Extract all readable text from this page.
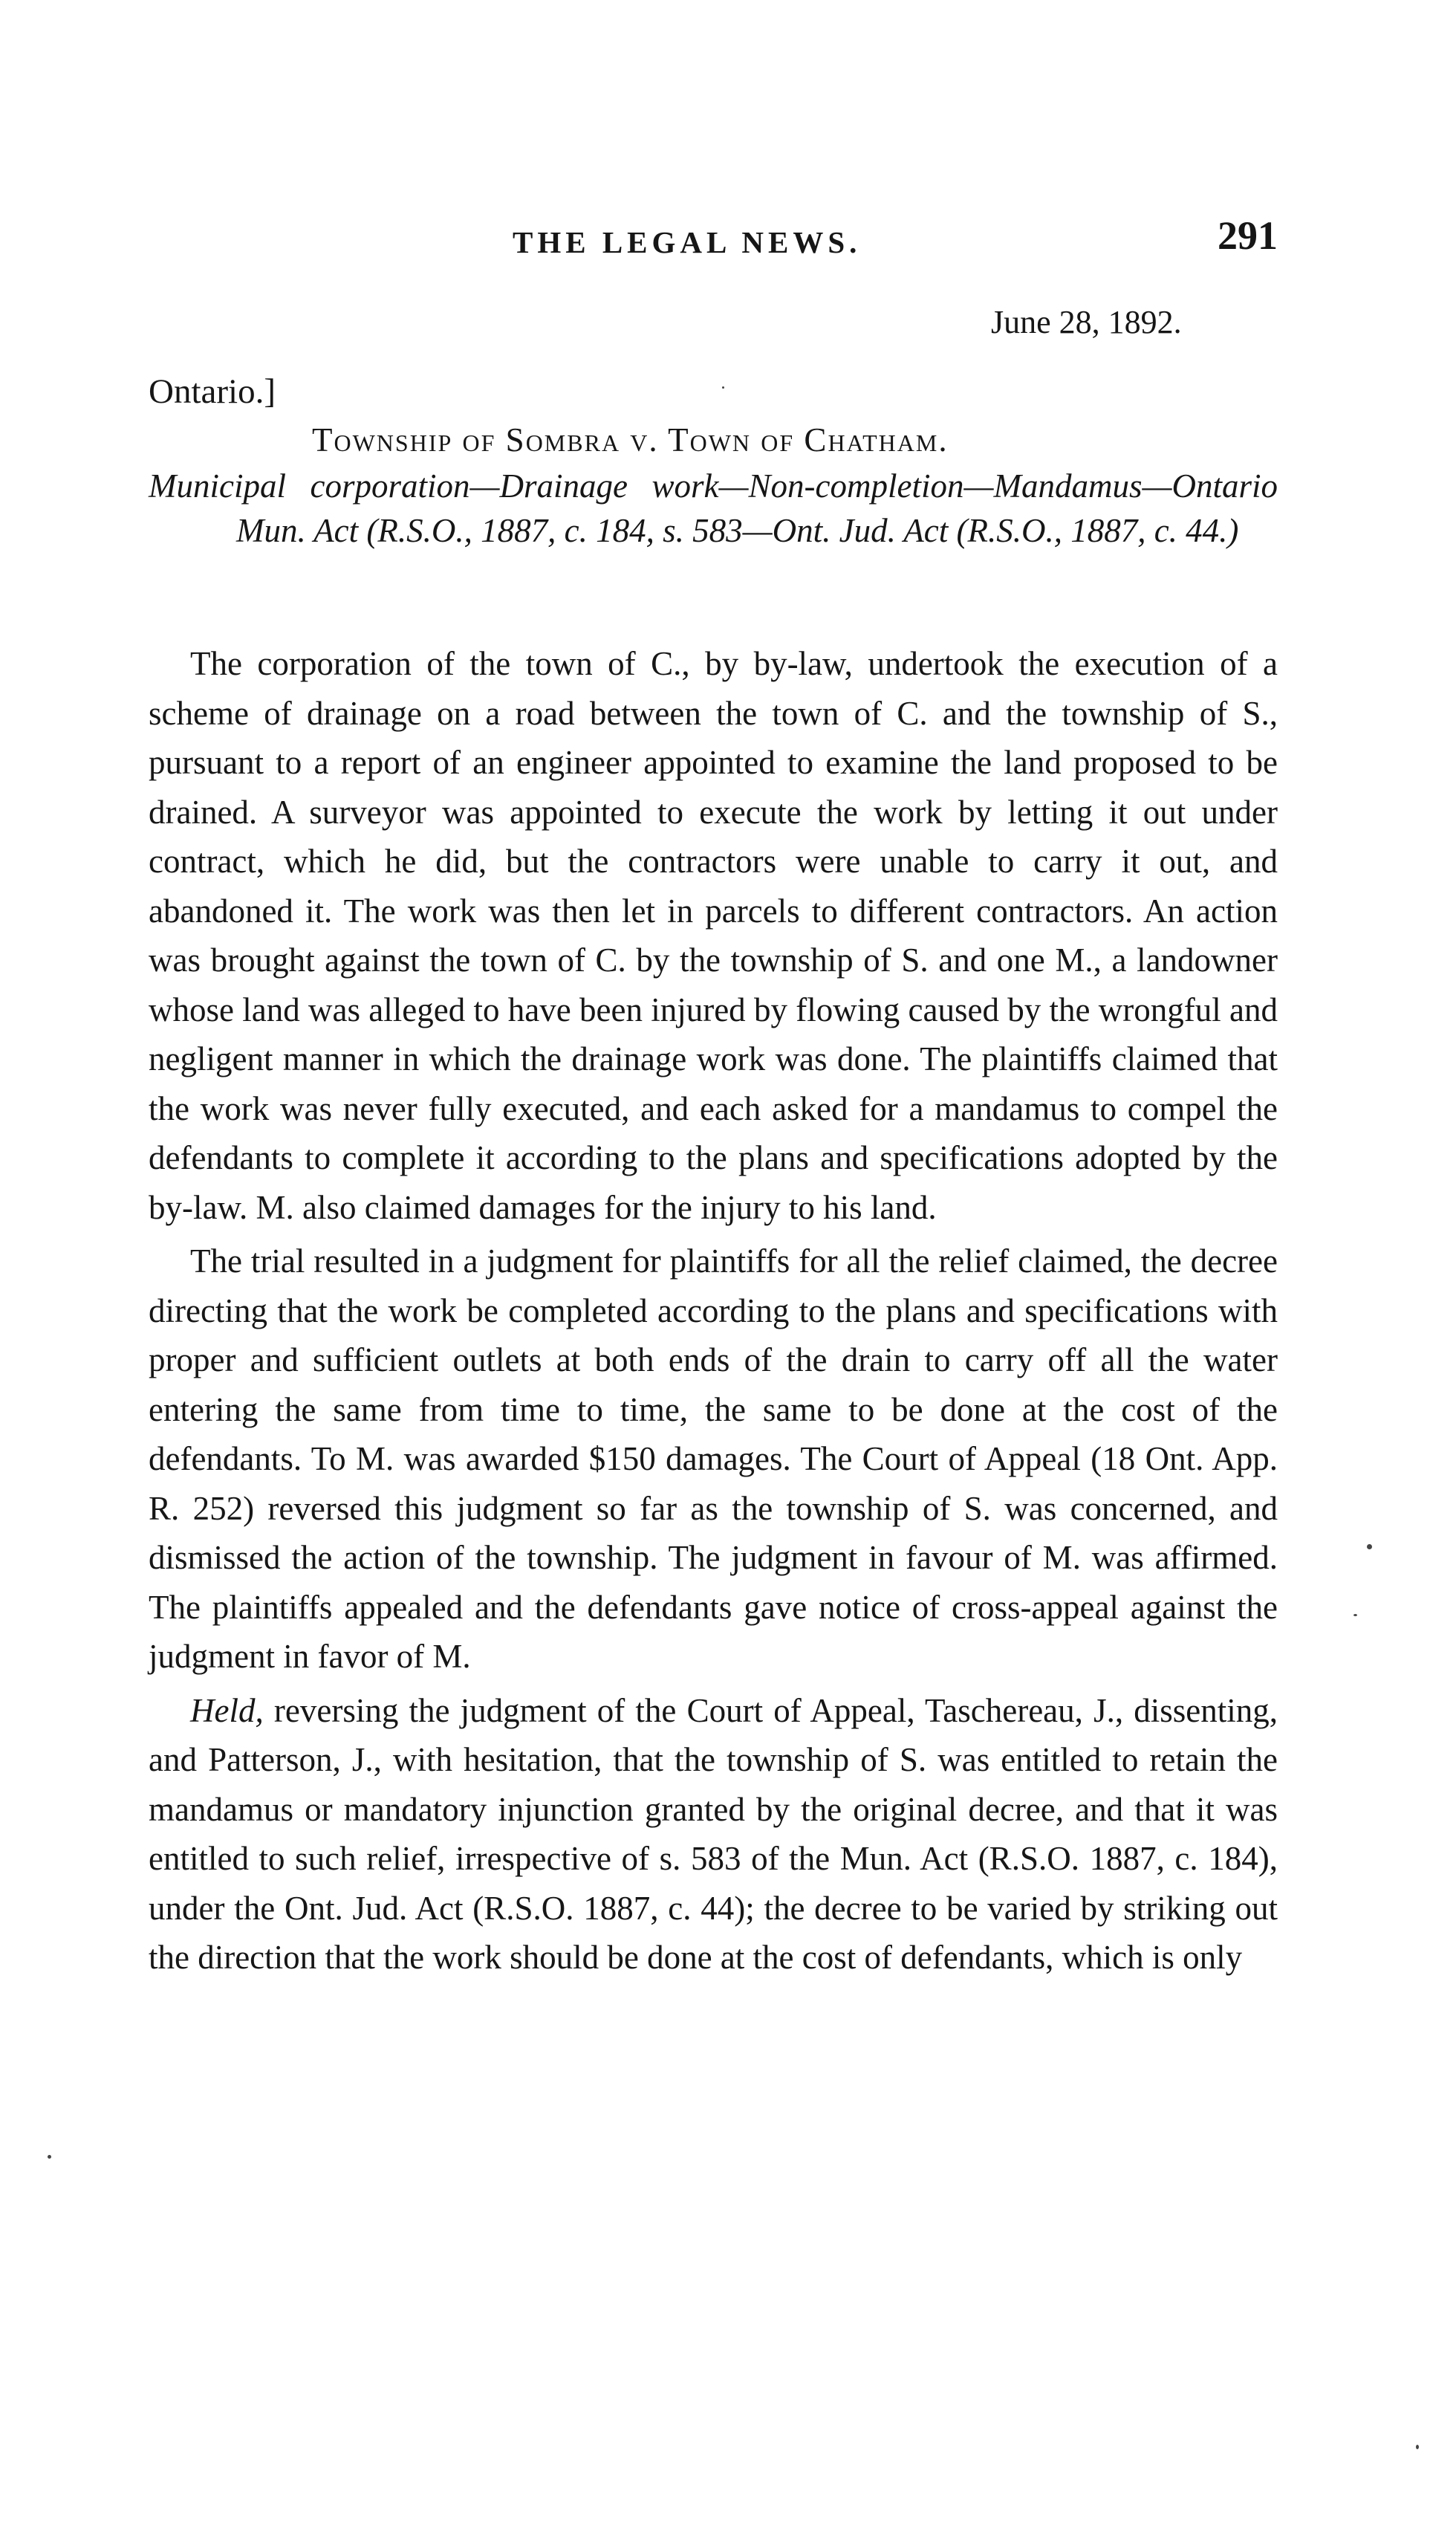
THE LEGAL NEWS.	291
June 28, 1892.
Ontario.]
Township of Sombra v. Town of Chatham.
Municipal corporation—Drainage work—Non-completion—Mandamus—Ontario Mun. Act (R.S.O., 1887, c. 184, s. 583—Ont. Jud. Act (R.S.O., 1887, c. 44.)

The corporation of the town of C., by by-law, undertook the execution of a scheme of drainage on a road between the town of C. and the township of S., pursuant to a report of an engineer appointed to examine the land proposed to be drained. A surveyor was appointed to execute the work by letting it out under contract, which he did, but the contractors were unable to carry it out, and abandoned it. The work was then let in parcels to different contractors. An action was brought against the town of C. by the township of S. and one M., a landowner whose land was alleged to have been injured by flowing caused by the wrongful and negligent manner in which the drainage work was done. The plaintiffs claimed that the work was never fully executed, and each asked for a mandamus to compel the defendants to complete it according to the plans and specifications adopted by the by-law. M. also claimed damages for the injury to his land.

The trial resulted in a judgment for plaintiffs for all the relief claimed, the decree directing that the work be completed according to the plans and specifications with proper and sufficient outlets at both ends of the drain to carry off all the water entering the same from time to time, the same to be done at the cost of the defendants. To M. was awarded $150 damages. The Court of Appeal (18 Ont. App. R. 252) reversed this judgment so far as the township of S. was concerned, and dismissed the action of the township. The judgment in favour of M. was affirmed. The plaintiffs appealed and the defendants gave notice of cross-appeal against the judgment in favor of M.

Held, reversing the judgment of the Court of Appeal, Taschereau, J., dissenting, and Patterson, J., with hesitation, that the township of S. was entitled to retain the mandamus or mandatory injunction granted by the original decree, and that it was entitled to such relief, irrespective of s. 583 of the Mun. Act (R.S.O. 1887, c. 184), under the Ont. Jud. Act (R.S.O. 1887, c. 44); the decree to be varied by striking out the direction that the work should be done at the cost of defendants, which is only
